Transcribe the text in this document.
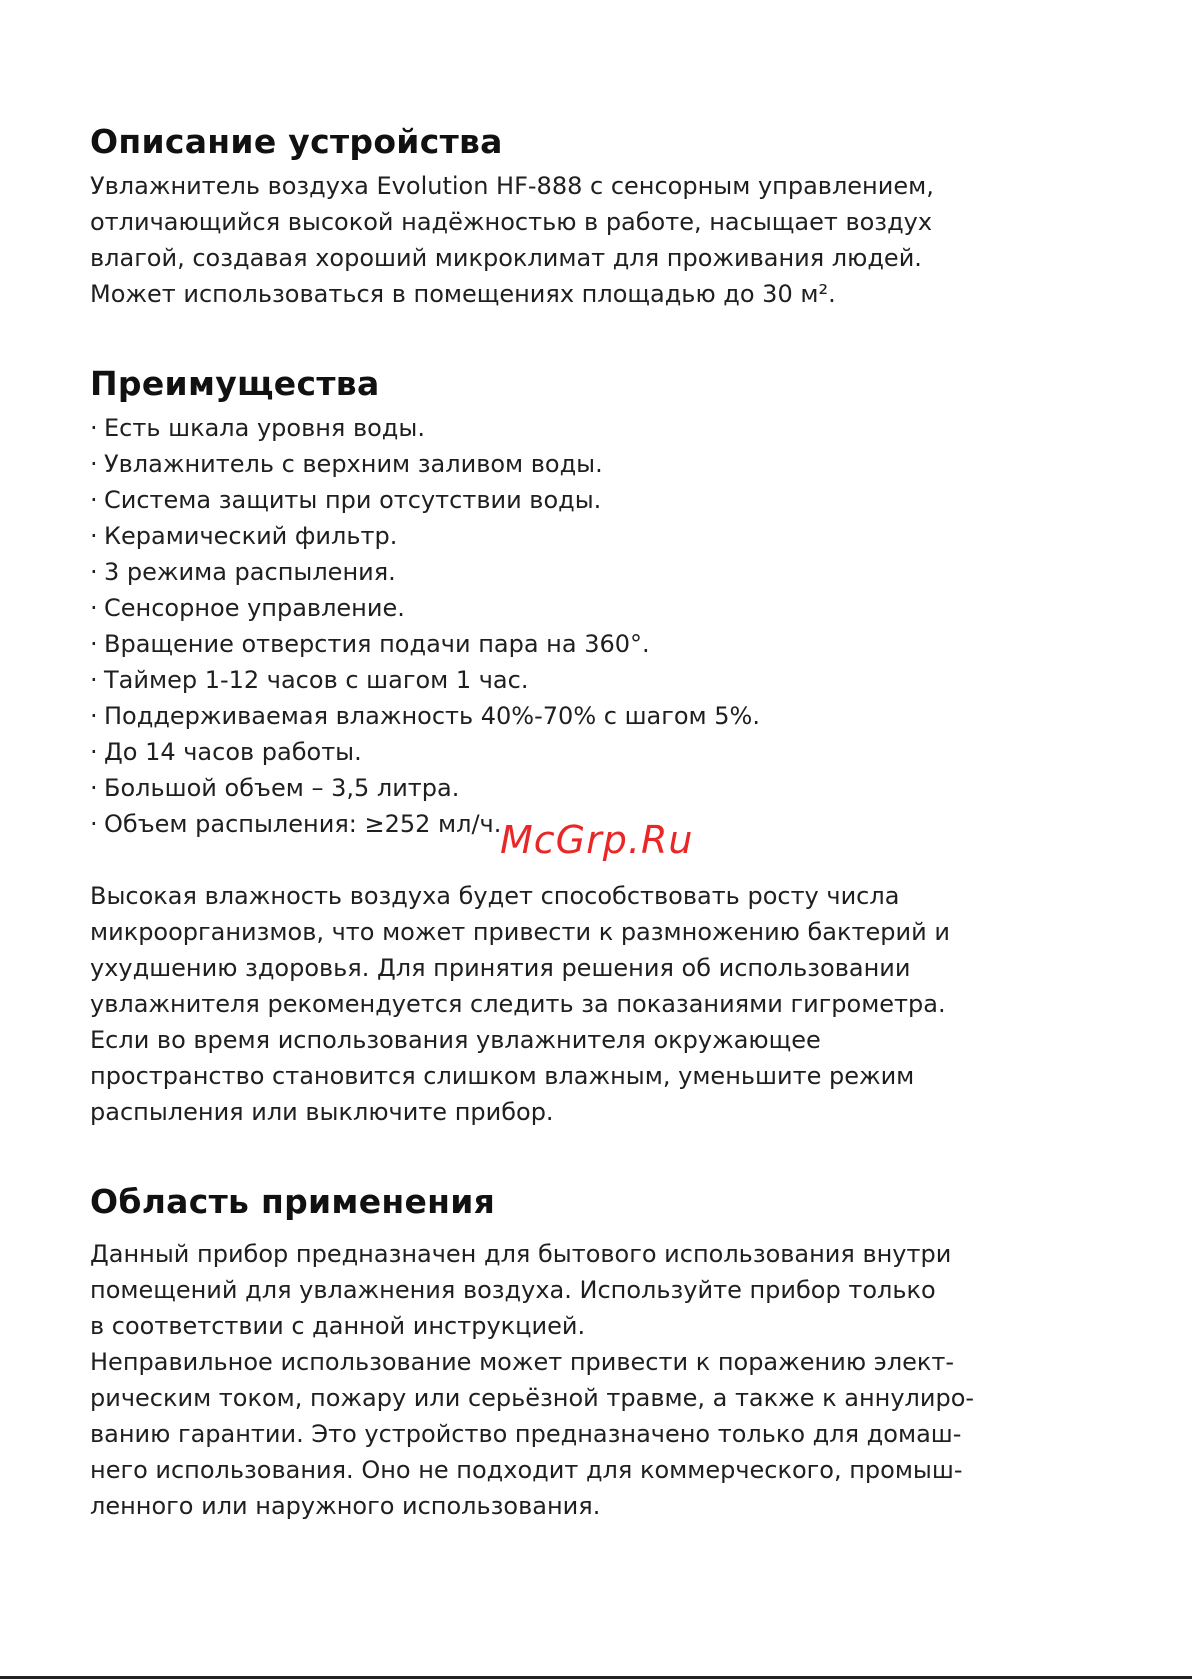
Описание устройства

Увлажнитель воздуха Evolution HF-888 с сенсорным управлением,

отличающийся высокой надёжностью в работе, насыщает воздух

влагой, создавая хороший микроклимат для проживания людей.

Может использоваться в помещениях площадью до 30 м².

Преимущества
· Есть шкала уровня воды.
· Увлажнитель с верхним заливом воды.
· Система защиты при отсутствии воды.
· Керамический фильтр.
· 3 режима распыления.
· Сенсорное управление.
· Вращение отверстия подачи пара на 360°.
· Таймер 1-12 часов с шагом 1 час.
· Поддерживаемая влажность 40%-70% с шагом 5%.
· До 14 часов работы.
· Большой объем – 3,5 литра.
· Объем распыления: ≥252 мл/ч.

Высокая влажность воздуха будет способствовать росту числа

микроорганизмов, что может привести к размножению бактерий и

ухудшению здоровья. Для принятия решения об использовании

увлажнителя рекомендуется следить за показаниями гигрометра.

Если во время использования увлажнителя окружающее

пространство становится слишком влажным, уменьшите режим

распыления или выключите прибор.

Область применения

Данный прибор предназначен для бытового использования внутри

помещений для увлажнения воздуха. Используйте прибор только

в соответствии с данной инструкцией.

Неправильное использование может привести к поражению элект-

рическим током, пожару или серьёзной травме, а также к аннулиро-

ванию гарантии. Это устройство предназначено только для домаш-

него использования. Оно не подходит для коммерческого, промыш-

ленного или наружного использования.

McGrp.Ru
